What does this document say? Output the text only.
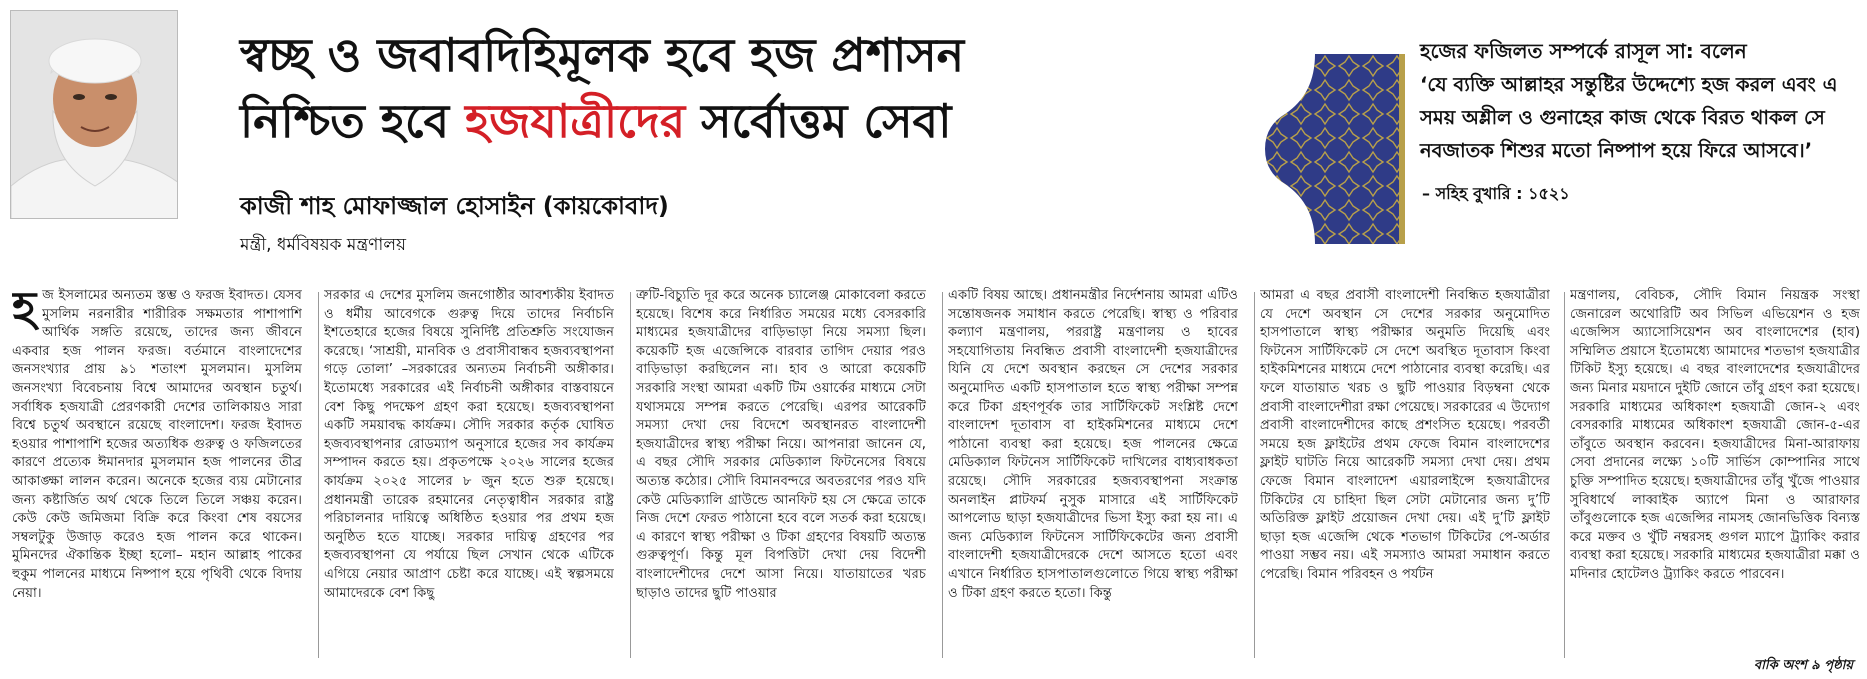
স্বচ্ছ ও জবাবদিহিমূলক হবে হজ প্রশাসন
নিশ্চিত হবে হজযাত্রীদের সর্বোত্তম সেবা
কাজী শাহ মোফাজ্জাল হোসাইন (কায়কোবাদ)
মন্ত্রী, ধর্মবিষয়ক মন্ত্রণালয়
হজের ফজিলত সম্পর্কে রাসূল সা: বলেন
‘যে ব্যক্তি আল্লাহর সন্তুষ্টির উদ্দেশ্যে হজ করল এবং এ সময় অশ্লীল ও গুনাহের কাজ থেকে বিরত থাকল সে নবজাতক শিশুর মতো নিষ্পাপ হয়ে ফিরে আসবে।’
– সহিহ বুখারি : ১৫২১
হ জ ইসলামের অন্যতম স্তম্ভ ও ফরজ ইবাদত। যেসব মুসলিম নরনারীর শারীরিক সক্ষমতার পাশাপাশি আর্থিক সঙ্গতি রয়েছে, তাদের জন্য জীবনে একবার হজ পালন ফরজ। বর্তমানে বাংলাদেশের জনসংখ্যার প্রায় ৯১ শতাংশ মুসলমান। মুসলিম জনসংখ্যা বিবেচনায় বিশ্বে আমাদের অবস্থান চতুর্থ। সর্বাধিক হজযাত্রী প্রেরণকারী দেশের তালিকায়ও সারা বিশ্বে চতুর্থ অবস্থানে রয়েছে বাংলাদেশ। ফরজ ইবাদত হওয়ার পাশাপাশি হজের অত্যধিক গুরুত্ব ও ফজিলতের কারণে প্রত্যেক ঈমানদার মুসলমান হজ পালনের তীব্র আকাঙ্ক্ষা লালন করেন। অনেকে হজের ব্যয় মেটানোর জন্য কষ্টার্জিত অর্থ থেকে তিলে তিলে সঞ্চয় করেন। কেউ কেউ জমিজমা বিক্রি করে কিংবা শেষ বয়সের সম্বলটুকু উজাড় করেও হজ পালন করে থাকেন। মুমিনদের ঐকান্তিক ইচ্ছা হলো– মহান আল্লাহ পাকের হুকুম পালনের মাধ্যমে নিষ্পাপ হয়ে পৃথিবী থেকে বিদায় নেয়া।

সরকার এ দেশের মুসলিম জনগোষ্ঠীর আবশ্যকীয় ইবাদত ও ধর্মীয় আবেগকে গুরুত্ব দিয়ে তাদের নির্বাচনি ইশতেহারে হজের বিষয়ে সুনির্দিষ্ট প্রতিশ্রুতি সংযোজন করেছে। ‘সাশ্রয়ী, মানবিক ও প্রবাসীবান্ধব হজব্যবস্থাপনা গড়ে তোলা’ –সরকারের অন্যতম নির্বাচনী অঙ্গীকার। ইতোমধ্যে সরকারের এই নির্বাচনী অঙ্গীকার বাস্তবায়নে বেশ কিছু পদক্ষেপ গ্রহণ করা হয়েছে। হজব্যবস্থাপনা একটি সময়াবদ্ধ কার্যক্রম। সৌদি সরকার কর্তৃক ঘোষিত হজব্যবস্থাপনার রোডম্যাপ অনুসারে হজের সব কার্যক্রম সম্পাদন করতে হয়। প্রকৃতপক্ষে ২০২৬ সালের হজের কার্যক্রম ২০২৫ সালের ৮ জুন হতে শুরু হয়েছে। প্রধানমন্ত্রী তারেক রহমানের নেতৃত্বাধীন সরকার রাষ্ট্র পরিচালনার দায়িত্বে অধিষ্ঠিত হওয়ার পর প্রথম হজ অনুষ্ঠিত হতে যাচ্ছে। সরকার দায়িত্ব গ্রহণের পর হজব্যবস্থাপনা যে পর্যায়ে ছিল সেখান থেকে এটিকে এগিয়ে নেয়ার আপ্রাণ চেষ্টা করে যাচ্ছে। এই স্বল্পসময়ে আমাদেরকে বেশ কিছু

ত্রুটি-বিচ্যুতি দূর করে অনেক চ্যালেঞ্জ মোকাবেলা করতে হয়েছে। বিশেষ করে নির্ধারিত সময়ের মধ্যে বেসরকারি মাধ্যমের হজযাত্রীদের বাড়িভাড়া নিয়ে সমস্যা ছিল। কয়েকটি হজ এজেন্সিকে বারবার তাগিদ দেয়ার পরও বাড়িভাড়া করছিলেন না। হাব ও আরো কয়েকটি সরকারি সংস্থা আমরা একটি টিম ওয়ার্কের মাধ্যমে সেটা যথাসময়ে সম্পন্ন করতে পেরেছি। এরপর আরেকটি সমস্যা দেখা দেয় বিদেশে অবস্থানরত বাংলাদেশী হজযাত্রীদের স্বাস্থ্য পরীক্ষা নিয়ে। আপনারা জানেন যে, এ বছর সৌদি সরকার মেডিক্যাল ফিটনেসের বিষয়ে অত্যন্ত কঠোর। সৌদি বিমানবন্দরে অবতরণের পরও যদি কেউ মেডিক্যালি গ্রাউন্ডে আনফিট হয় সে ক্ষেত্রে তাকে নিজ দেশে ফেরত পাঠানো হবে বলে সতর্ক করা হয়েছে। এ কারণে স্বাস্থ্য পরীক্ষা ও টিকা গ্রহণের বিষয়টি অত্যন্ত গুরুত্বপূর্ণ। কিন্তু মূল বিপত্তিটা দেখা দেয় বিদেশী বাংলাদেশীদের দেশে আসা নিয়ে। যাতায়াতের খরচ ছাড়াও তাদের ছুটি পাওয়ার

একটি বিষয় আছে। প্রধানমন্ত্রীর নির্দেশনায় আমরা এটিও সন্তোষজনক সমাধান করতে পেরেছি। স্বাস্থ্য ও পরিবার কল্যাণ মন্ত্রণালয়, পররাষ্ট্র মন্ত্রণালয় ও হাবের সহযোগিতায় নিবন্ধিত প্রবাসী বাংলাদেশী হজযাত্রীদের যিনি যে দেশে অবস্থান করছেন সে দেশের সরকার অনুমোদিত একটি হাসপাতাল হতে স্বাস্থ্য পরীক্ষা সম্পন্ন করে টিকা গ্রহণপূর্বক তার সার্টিফিকেট সংশ্লিষ্ট দেশে বাংলাদেশ দূতাবাস বা হাইকমিশনের মাধ্যমে দেশে পাঠানো ব্যবস্থা করা হয়েছে। হজ পালনের ক্ষেত্রে মেডিক্যাল ফিটনেস সার্টিফিকেট দাখিলের বাধ্যবাধকতা রয়েছে। সৌদি সরকারের হজব্যবস্থাপনা সংক্রান্ত অনলাইন প্লাটফর্ম নুসুক মাসারে এই সার্টিফিকেট আপলোড ছাড়া হজযাত্রীদের ভিসা ইস্যু করা হয় না। এ জন্য মেডিক্যাল ফিটনেস সার্টিফিকেটের জন্য প্রবাসী বাংলাদেশী হজযাত্রীদেরকে দেশে আসতে হতো এবং এখানে নির্ধারিত হাসপাতালগুলোতে গিয়ে স্বাস্থ্য পরীক্ষা ও টিকা গ্রহণ করতে হতো। কিন্তু

আমরা এ বছর প্রবাসী বাংলাদেশী নিবন্ধিত হজযাত্রীরা যে দেশে অবস্থান সে দেশের সরকার অনুমোদিত হাসপাতালে স্বাস্থ্য পরীক্ষার অনুমতি দিয়েছি এবং ফিটনেস সার্টিফিকেট সে দেশে অবস্থিত দূতাবাস কিংবা হাইকমিশনের মাধ্যমে দেশে পাঠানোর ব্যবস্থা করেছি। এর ফলে যাতায়াত খরচ ও ছুটি পাওয়ার বিড়ম্বনা থেকে প্রবাসী বাংলাদেশীরা রক্ষা পেয়েছে। সরকারের এ উদ্যোগ প্রবাসী বাংলাদেশীদের কাছে প্রশংসিত হয়েছে। পরবর্তী সময়ে হজ ফ্লাইটের প্রথম ফেজে বিমান বাংলাদেশের ফ্লাইট ঘাটতি নিয়ে আরেকটি সমস্যা দেখা দেয়। প্রথম ফেজে বিমান বাংলাদেশ এয়ারলাইন্সে হজযাত্রীদের টিকিটের যে চাহিদা ছিল সেটা মেটানোর জন্য দু’টি অতিরিক্ত ফ্লাইট প্রয়োজন দেখা দেয়। এই দু’টি ফ্লাইট ছাড়া হজ এজেন্সি থেকে শতভাগ টিকিটের পে-অর্ডার পাওয়া সম্ভব নয়। এই সমস্যাও আমরা সমাধান করতে পেরেছি। বিমান পরিবহন ও পর্যটন

মন্ত্রণালয়, বেবিচক, সৌদি বিমান নিয়ন্ত্রক সংস্থা জেনারেল অথোরিটি অব সিভিল এভিয়েশন ও হজ এজেন্সিস অ্যাসোসিয়েশন অব বাংলাদেশের (হাব) সম্মিলিত প্রয়াসে ইতোমধ্যে আমাদের শতভাগ হজযাত্রীর টিকিট ইস্যু হয়েছে। এ বছর বাংলাদেশের হজযাত্রীদের জন্য মিনার ময়দানে দুইটি জোনে তাঁবু গ্রহণ করা হয়েছে। সরকারি মাধ্যমের অধিকাংশ হজযাত্রী জোন-২ এবং বেসরকারি মাধ্যমের অধিকাংশ হজযাত্রী জোন-৫-এর তাঁবুতে অবস্থান করবেন। হজযাত্রীদের মিনা-আরাফায় সেবা প্রদানের লক্ষ্যে ১০টি সার্ভিস কোম্পানির সাথে চুক্তি সম্পাদিত হয়েছে। হজযাত্রীদের তাঁবু খুঁজে পাওয়ার সুবিধার্থে লাব্বাইক অ্যাপে মিনা ও আরাফার তাঁবুগুলোকে হজ এজেন্সির নামসহ জোনভিত্তিক বিন্যস্ত করে মক্তব ও খুঁটি নম্বরসহ গুগল ম্যাপে ট্র্যাকিং করার ব্যবস্থা করা হয়েছে। সরকারি মাধ্যমের হজযাত্রীরা মক্কা ও মদিনার হোটেলও ট্র্যাকিং করতে পারবেন।

বাকি অংশ ৯ পৃষ্ঠায়
